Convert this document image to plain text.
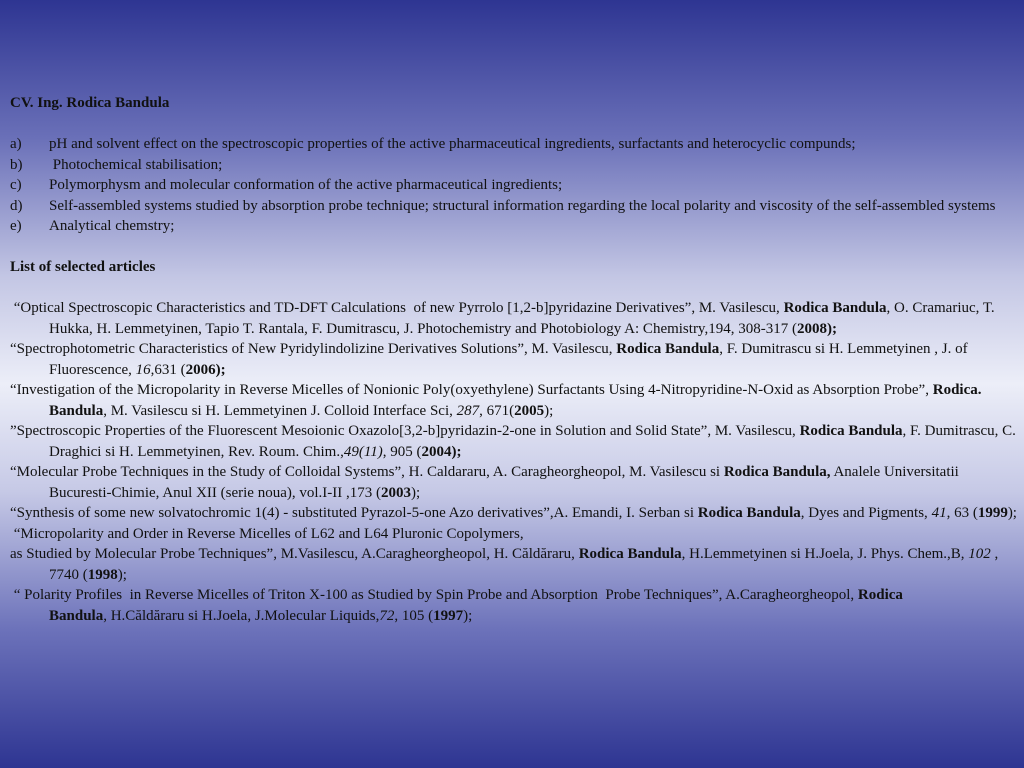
CV. Ing. Rodica Bandula

a) pH and solvent effect on the spectroscopic properties of the active pharmaceutical ingredients, surfactants and heterocyclic compunds;
b) Photochemical stabilisation;
c) Polymorphysm and molecular conformation of the active pharmaceutical ingredients;
d) Self-assembled systems studied by absorption probe technique; structural information regarding the local polarity and viscosity of the self-assembled systems
e) Analytical chemstry;

List of selected articles

“Optical Spectroscopic Characteristics and TD-DFT Calculations  of new Pyrrolo [1,2-b]pyridazine Derivatives”, M. Vasilescu, Rodica Bandula, O. Cramariuc, T. Hukka, H. Lemmetyinen, Tapio T. Rantala, F. Dumitrascu, J. Photochemistry and Photobiology A: Chemistry,194, 308-317 (2008);
“Spectrophotometric Characteristics of New Pyridylindolizine Derivatives Solutions”, M. Vasilescu, Rodica Bandula, F. Dumitrascu si H. Lemmetyinen , J. of Fluorescence, 16,631 (2006);
“Investigation of the Micropolarity in Reverse Micelles of Nonionic Poly(oxyethylene) Surfactants Using 4-Nitropyridine-N-Oxid as Absorption Probe”, Rodica. Bandula, M. Vasilescu si H. Lemmetyinen J. Colloid Interface Sci, 287, 671(2005);
”Spectroscopic Properties of the Fluorescent Mesoionic Oxazolo[3,2-b]pyridazin-2-one in Solution and Solid State”, M. Vasilescu, Rodica Bandula, F. Dumitrascu, C. Draghici si H. Lemmetyinen, Rev. Roum. Chim.,49(11), 905 (2004);
“Molecular Probe Techniques in the Study of Colloidal Systems”, H. Caldararu, A. Caragheorgheopol, M. Vasilescu si Rodica Bandula, Analele Universitatii Bucuresti-Chimie, Anul XII (serie noua), vol.I-II ,173 (2003);
“Synthesis of some new solvatochromic 1(4) - substituted Pyrazol-5-one Azo derivatives”,A. Emandi, I. Serban si Rodica Bandula, Dyes and Pigments, 41, 63 (1999);
“Micropolarity and Order in Reverse Micelles of L62 and L64 Pluronic Copolymers,
as Studied by Molecular Probe Techniques”, M.Vasilescu, A.Caragheorgheopol, H. Căldăraru, Rodica Bandula, H.Lemmetyinen si H.Joela, J. Phys. Chem.,B, 102 , 7740 (1998);
“ Polarity Profiles  in Reverse Micelles of Triton X-100 as Studied by Spin Probe and Absorption  Probe Techniques”, A.Caragheorgheopol, Rodica
Bandula, H.Căldăraru si H.Joela, J.Molecular Liquids,72, 105 (1997);
